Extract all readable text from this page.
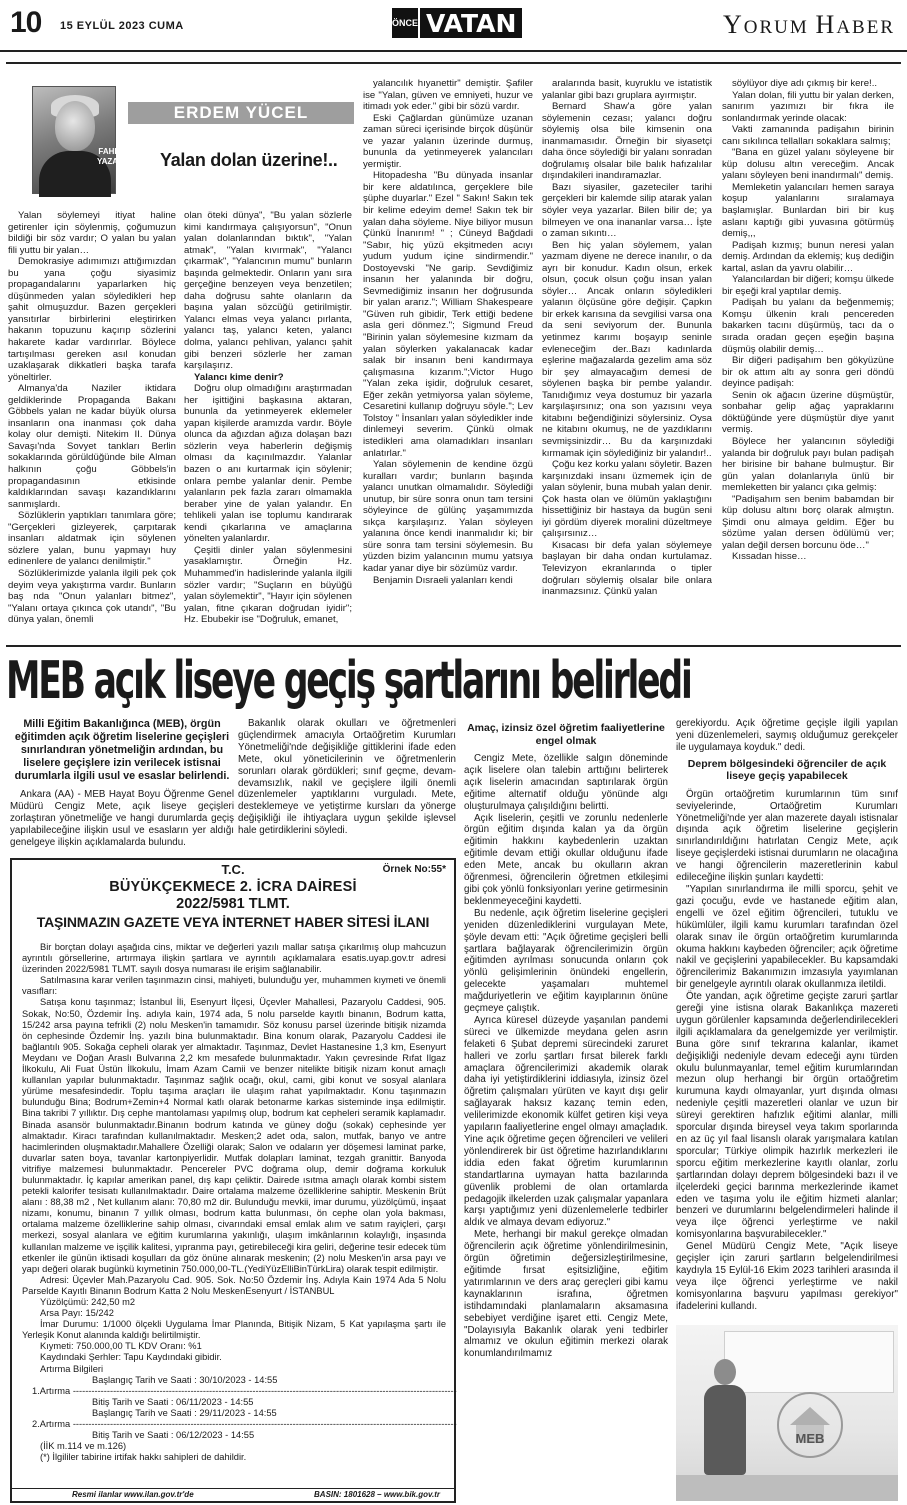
10 15 EYLÜL 2023 CUMA	ÖNCE VATAN	YORUM HABER
FAHRİ
YAZAR
ERDEM YÜCEL
Yalan dolan üzerine!..

Yalan söylemeyi itiyat haline getirenler için söylenmiş, çoğumuzun bildiği bir söz vardır; O yalan bu yalan fili yuttu bir yalan…

Demokrasiye adımımızı attığımızdan bu yana çoğu siyasimiz propagandalarını yaparlarken hiç düşünmeden yalan söyledikleri hep şahit olmuşuzdur. Bazen gerçekleri yansıtırlar birbirlerini eleştirirken hakanın topuzunu kaçırıp sözlerini hakarete kadar vardırırlar. Böylece tartışılması gereken asıl konudan uzaklaşarak dikkatleri başka tarafa yöneltirler.

Almanya'da Naziler iktidara geldiklerinde Propaganda Bakanı Göbbels yalan ne kadar büyük olursa insanların ona inanması çok daha kolay olur demişti. Nitekim II. Dünya Savaşı'nda Sovyet tankları Berlin sokaklarında görüldüğünde bile Alman halkının çoğu Göbbels'in propagandasının etkisinde kaldıklarından savaşı kazandıklarını sanmışlardı.

Sözlüklerin yaptıkları tanımlara göre; "Gerçekleri gizleyerek, çarpıtarak insanları aldatmak için söylenen sözlere yalan, bunu yapmayı huy edinenlere de yalancı denilmiştir."

Sözlüklerimizde yalanla ilgili pek çok deyim veya yakıştırma vardır. Bunların baş nda "Onun yalanları bitmez", "Yalanı ortaya çıkınca çok utandı", "Bu dünya yalan, önemli

olan öteki dünya", "Bu yalan sözlerle kimi kandırmaya çalışıyorsun", "Onun yalan dolanlarından bıktık", "Yalan atmak", "Yalan kıvırmak", "Yalancı çıkarmak", "Yalancının mumu" bunların başında gelmektedir. Onların yanı sıra gerçeğine benzeyen veya benzetilen; daha doğrusu sahte olanların da başına yalan sözcüğü getirilmiştir. Yalancı elmas veya yalancı pırlanta, yalancı taş, yalancı keten, yalancı dolma, yalancı pehlivan, yalancı şahit gibi benzeri sözlerle her zaman karşılaşırız.
Yalancı kime denir?

Doğru olup olmadığını araştırmadan her işittiğini başkasına aktaran, bununla da yetinmeyerek eklemeler yapan kişilerde aramızda vardır. Böyle olunca da ağızdan ağıza dolaşan bazı sözlerin veya haberlerin değişmiş olması da kaçınılmazdır. Yalanlar bazen o anı kurtarmak için söylenir; onlara pembe yalanlar denir. Pembe yalanların pek fazla zararı olmamakla beraber yine de yalan yalandır. En tehlikeli yalan ise toplumu kandırarak kendi çıkarlarına ve amaçlarına yönelten yalanlardır.

Çeşitli dinler yalan söylenmesini yasaklamıştır. Örneğin Hz. Muhammed'in hadislerinde yalanla ilgili sözler vardır; "Suçların en büyüğü yalan söylemektir", "Hayır için söylenen yalan, fitne çıkaran doğrudan iyidir"; Hz. Ebubekir ise "Doğruluk, emanet,

yalancılık hıyanettir" demiştir. Şafiler ise "Yalan, güven ve emniyeti, huzur ve itimadı yok eder." gibi bir sözü vardır.

Eski Çağlardan günümüze uzanan zaman süreci içerisinde birçok düşünür ve yazar yalanın üzerinde durmuş, bununla da yetinmeyerek yalancıları yermiştir.

Hitopadesha "Bu dünyada insanlar bir kere aldatılınca, gerçeklere bile şüphe duyarlar." Ezel " Sakın! Sakın tek bir kelime edeyim deme! Sakın tek bir yalan daha söyleme. Niye biliyor musun Çünkü İnanırım! " ; Cüneyd Bağdadi "Sabır, hiç yüzü ekşitmeden acıyı yudum yudum içine sindirmendir." Dostoyevski "Ne garip. Sevdiğimiz insanın her yalanında bir doğru, Sevmediğimiz insanın her doğrusunda bir yalan ararız."; William Shakespeare "Güven ruh gibidir, Terk ettiği bedene asla geri dönmez."; Sigmund Freud "Birinin yalan söylemesine kızmam da yalan söylerken yakalanacak kadar salak bir insanın beni kandırmaya çalışmasına kızarım.";Victor Hugo "Yalan zeka işidir, doğruluk cesaret, Eğer zekân yetmiyorsa yalan söyleme, Cesaretini kullanıp doğruyu söyle."; Lev Tolstoy " İnsanları yalan söyledikler inde dinlemeyi severim. Çünkü olmak istedikleri ama olamadıkları insanları anlatırlar."

Yalan söylemenin de kendine özgü kuralları vardır; bunların başında yalancı unutkan olmamalıdır. Söylediği unutup, bir süre sonra onun tam tersini söyleyince de gülünç yaşamımızda sıkça karşılaşırız. Yalan söyleyen yalanına önce kendi inanmalıdır ki; bir süre sonra tam tersini söylemesin. Bu yüzden bizim yalancının mumu yatsıya kadar yanar diye bir sözümüz vardır.

Benjamin Dısraeli yalanları kendi

aralarında basit, kuyruklu ve istatistik yalanlar gibi bazı gruplara ayırmıştır.

Bernard Shaw'a göre yalan söylemenin cezası; yalancı doğru söylemiş olsa bile kimsenin ona inanmamasıdır. Örneğin bir siyasetçi daha önce söylediği bir yalanı sonradan doğrulamış olsalar bile balık hafızalılar dışındakileri inandıramazlar.

Bazı siyasiler, gazeteciler tarihi gerçekleri bir kalemde silip atarak yalan söyler veya yazarlar. Bilen bilir de; ya bilmeyen ve ona inananlar varsa… İşte o zaman sıkıntı…

Ben hiç yalan söylemem, yalan yazmam diyene ne derece inanılır, o da ayrı bir konudur. Kadın olsun, erkek olsun, çocuk olsun çoğu insan yalan söyler… Ancak onların söyledikleri yalanın ölçüsüne göre değişir. Çapkın bir erkek karısına da sevgilisi varsa ona da seni seviyorum der. Bununla yetinmez karımı boşayıp seninle evleneceğim der..Bazı kadınlarda eşlerine mağazalarda gezelim ama söz bir şey almayacağım demesi de söylenen başka bir pembe yalandır. Tanıdığımız veya dostumuz bir yazarla karşılaşırsınız; ona son yazısını veya kitabını beğendiğinizi söylersiniz. Oysa ne kitabını okumuş, ne de yazdıklarını sevmişsinizdir… Bu da karşınızdaki kırmamak için söylediğiniz bir yalandır!..

Çoğu kez korku yalanı söyletir. Bazen karşınızdaki insanı üzmemek için de yalan söylenir, buna mubah yalan denir. Çok hasta olan ve ölümün yaklaştığını hissettiğiniz bir hastaya da bugün seni iyi gördüm diyerek moralini düzeltmeye çalışırsınız…

Kısacası bir defa yalan söylemeye başlayan bir daha ondan kurtulamaz. Televizyon ekranlarında o tipler doğruları söylemiş olsalar bile onlara inanmazsınız. Çünkü yalan

söylüyor diye adı çıkmış bir kere!..

Yalan dolan, fili yuttu bir yalan derken, sanırım yazımızı bir fıkra ile sonlandırmak yerinde olacak:

Vakti zamanında padişahın birinin canı sıkılınca tellalları sokaklara salmış;

"Bana en güzel yalanı söyleyene bir küp dolusu altın vereceğim. Ancak yalanı söyleyen beni inandırmalı" demiş.

Memleketin yalancıları hemen saraya koşup yalanlarını sıralamaya başlamışlar. Bunlardan biri bir kuş aslanı kaptığı gibi yuvasına götürmüş demiş,,,

Padişah kızmış; bunun neresi yalan demiş. Ardından da eklemiş; kuş dediğin kartal, aslan da yavru olabilir…

Yalancılardan bir diğeri; komşu ülkede bir eşeği kral yaptılar demiş.

Padişah bu yalanı da beğenmemiş; Komşu ülkenin kralı pencereden bakarken tacını düşürmüş, tacı da o sırada oradan geçen eşeğin başına düşmüş olabilir demiş…

Bir diğeri padişahım ben gökyüzüne bir ok attım altı ay sonra geri döndü deyince padişah:

Senin ok ağacın üzerine düşmüştür, sonbahar gelip ağaç yapraklarını döktüğünde yere düşmüştür diye yanıt vermiş.

Böylece her yalancının söylediği yalanda bir doğruluk payı bulan padişah her birisine bir bahane bulmuştur. Bir gün yalan dolanlarıyla ünlü bir memleketten bir yalancı çıka gelmiş:

"Padişahım sen benim babamdan bir küp dolusu altını borç olarak almıştın. Şimdi onu almaya geldim. Eğer bu sözüme yalan dersen ödülümü ver; yalan değil dersen borcunu öde…"

Kıssadan hisse…

MEB açık liseye geçiş şartlarını belirledi
Milli Eğitim Bakanlığınca (MEB), örgün eğitimden açık öğretim liselerine geçişleri sınırlandıran yönetmeliğin ardından, bu liselere geçişlere izin verilecek istisnai durumlarla ilgili usul ve esaslar belirlendi.

Ankara (AA) - MEB Hayat Boyu Öğrenme Genel Müdürü Cengiz Mete, açık liseye geçişleri zorlaştıran yönetmeliğe ve hangi durumlarda geçiş yapılabileceğine ilişkin usul ve esasların yer aldığı genelgeye ilişkin açıklamalarda bulundu.

Bakanlık olarak okulları ve öğretmenleri güçlendirmek amacıyla Ortaöğretim Kurumları Yönetmeliği'nde değişikliğe gittiklerini ifade eden Mete, okul yöneticilerinin ve öğretmenlerin sorunları olarak gördükleri; sınıf geçme, devam-devamsızlık, nakil ve geçişlere ilgili önemli düzenlemeler yaptıklarını vurguladı. Mete, desteklemeye ve yetiştirme kursları da yönerge değişikliği ile ihtiyaçlara uygun şekilde işlevsel hale getirdiklerini söyledi.

Amaç, izinsiz özel öğretim faaliyetlerine engel olmak

Cengiz Mete, özellikle salgın döneminde açık liselere olan talebin arttığını belirterek açık liselerin amacından saptırılarak örgün eğitime alternatif olduğu yönünde algı oluşturulmaya çalışıldığını belirtti.

Açık liselerin, çeşitli ve zorunlu nedenlerle örgün eğitim dışında kalan ya da örgün eğitimin hakkını kaybedenlerin uzaktan eğitimle devam ettiği okullar olduğunu ifade eden Mete, ancak bu okulların akran öğrenmesi, öğrencilerin öğretmen etkileşimi gibi çok yönlü fonksiyonları yerine getirmesinin beklenmeyeceğini kaydetti.

Bu nedenle, açık öğretim liselerine geçişleri yeniden düzenlediklerini vurgulayan Mete, şöyle devam etti: "Açık öğretime geçişleri belli şartlara bağlayarak öğrencilerimizin örgün eğitimden ayrılması sonucunda onların çok yönlü gelişimlerinin önündeki engellerin, gelecekte yaşamaları muhtemel mağduriyetlerin ve eğitim kayıplarının önüne geçmeye çalıştık.

Ayrıca küresel düzeyde yaşanılan pandemi süreci ve ülkemizde meydana gelen asrın felaketi 6 Şubat depremi sürecindeki zaruret halleri ve zorlu şartları fırsat bilerek farklı amaçlara öğrencilerimizi akademik olarak daha iyi yetiştirdiklerini iddiasıyla, izinsiz özel öğretim çalışmaları yürüten ve kayıt dışı gelir sağlayarak haksız kazanç temin eden, velilerimizde ekonomik külfet getiren kişi veya yapıların faaliyetlerine engel olmayı amaçladık. Yine açık öğretime geçen öğrencileri ve velileri yönlendirerek bir üst öğretime hazırlandıklarını iddia eden fakat öğretim kurumlarının standartlarına uymayan hatta bazılarında güvenlik problemi de olan ortamlarda pedagojik ilkelerden uzak çalışmalar yapanlara karşı yaptığımız yeni düzenlemelerle tedbirler aldık ve almaya devam ediyoruz."

Mete, herhangi bir makul gerekçe olmadan öğrencilerin açık öğretime yönlendirilmesinin, örgün öğretimin değersizleştirilmesine, eğitimde fırsat eşitsizliğine, eğitim yatırımlarının ve ders araç gereçleri gibi kamu kaynaklarının israfına, öğretmen istihdamındaki planlamaların aksamasına sebebiyet verdiğine işaret etti. Cengiz Mete, "Dolayısıyla Bakanlık olarak yeni tedbirler almamız ve okulun eğitimin merkezi olarak konumlandırılmamız

gerekiyordu. Açık öğretime geçişle ilgili yapılan yeni düzenlemeleri, saymış olduğumuz gerekçeler ile uygulamaya koyduk." dedi.
Deprem bölgesindeki öğrenciler de açık liseye geçiş yapabilecek

Örgün ortaöğretim kurumlarının tüm sınıf seviyelerinde, Ortaöğretim Kurumları Yönetmeliği'nde yer alan mazerete dayalı istisnalar dışında açık öğretim liselerine geçişlerin sınırlandırıldığını hatırlatan Cengiz Mete, açık liseye geçişlerdeki istisnai durumların ne olacağına ve hangi öğrencilerin mazeretlerinin kabul edileceğine ilişkin şunları kaydetti:

"Yapılan sınırlandırma ile milli sporcu, şehit ve gazi çocuğu, evde ve hastanede eğitim alan, engelli ve özel eğitim öğrencileri, tutuklu ve hükümlüler, ilgili kamu kurumları tarafından özel olarak sınav ile örgün ortaöğretim kurumlarında okuma hakkını kaybeden öğrenciler; açık öğretime nakil ve geçişlerini yapabilecekler. Bu kapsamdaki öğrencilerimiz Bakanımızın imzasıyla yayımlanan bir genelgeyle ayrıntılı olarak okullanmıza iletildi.

Öte yandan, açık öğretime geçişte zaruri şartlar gereği yine istisna olarak Bakanlıkça mazereti uygun görülenler kapsamında değerlendirilecekleri ilgili açıklamalara da genelgemizde yer verilmiştir. Buna göre sınıf tekrarına kalanlar, ikamet değişikliği nedeniyle devam edeceği aynı türden okulu bulunmayanlar, temel eğitim kurumlarından mezun olup herhangi bir örgün ortaöğretim kurumuna kaydı olmayanlar, yurt dışında olması nedeniyle çeşitli mazeretleri olanlar ve uzun bir süreyi gerektiren hafızlık eğitimi alanlar, milli sporcular dışında bireysel veya takım sporlarında en az üç yıl faal lisanslı olarak yarışmalara katılan sporcular; Türkiye olimpik hazırlık merkezleri ile sporcu eğitim merkezlerine kayıtlı olanlar, zorlu şartlarından dolayı deprem bölgesindeki bazı il ve ilçelerdeki geçici barınma merkezlerinde ikamet eden ve taşıma yolu ile eğitim hizmeti alanlar; benzeri ve durumlarını belgelendirmeleri halinde il veya ilçe öğrenci yerleştirme ve nakil komisyonlarına başvurabilecekler."

Genel Müdürü Cengiz Mete, "Açık liseye geçişler için zaruri şartların belgelendirilmesi kaydıyla 15 Eylül-16 Ekim 2023 tarihleri arasında il veya ilçe öğrenci yerleştirme ve nakil komisyonlarına başvuru yapılması gerekiyor" ifadelerini kullandı.

Örnek No:55*
T.C.
BÜYÜKÇEKMECE 2. İCRA DAİRESİ
2022/5981 TLMT.
TAŞINMAZIN GAZETE VEYA İNTERNET HABER SİTESİ İLANI

Bir borçtan dolayı aşağıda cins, miktar ve değerleri yazılı mallar satışa çıkarılmış olup mahcuzun ayrıntılı görsellerine, artırmaya ilişkin şartlara ve ayrıntılı açıklamalara esatis.uyap.gov.tr adresi üzerinden 2022/5981 TLMT. sayılı dosya numarası ile erişim sağlanabilir.

Satılmasına karar verilen taşınmazın cinsi, mahiyeti, bulunduğu yer, muhammen kıymeti ve önemli vasıfları:

Satışa konu taşınmaz; İstanbul İli, Esenyurt İlçesi, Üçevler Mahallesi, Pazaryolu Caddesi, 905. Sokak, No:50, Özdemir İnş. adıyla kain, 1974 ada, 5 nolu parselde kayıtlı binanın, Bodrum katta, 15/242 arsa payına tefrikli (2) nolu Mesken'in tamamıdır. Söz konusu parsel üzerinde bitişik nizamda ön cephesinde Özdemir İnş. yazılı bina bulunmaktadır. Bina konum olarak, Pazaryolu Caddesi ile bağlantılı 905. Sokağa cepheli olarak yer almaktadır. Taşınmaz, Devlet Hastanesine 1,3 km, Esenyurt Meydanı ve Doğan Araslı Bulvarına 2,2 km mesafede bulunmaktadır. Yakın çevresinde Rıfat Ilgaz İlkokulu, Ali Fuat Üstün İlkokulu, İmam Azam Camii ve benzer nitelikte bitişik nizam konut amaçlı kullanılan yapılar bulunmaktadır. Taşınmaz sağlık ocağı, okul, cami, gibi konut ve sosyal alanlara yürüme mesafesindedir. Toplu taşıma araçları ile ulaşım rahat yapılmaktadır. Konu taşınmazın bulunduğu Bina; Bodrum+Zemin+4 Normal katlı olarak betonarme karkas sisteminde inşa edilmiştir. Bina takribi 7 yıllıktır. Dış cephe mantolaması yapılmış olup, bodrum kat cepheleri seramik kaplamadır. Binada asansör bulunmaktadır.Binanın bodrum katında ve güney doğu (sokak) cephesinde yer almaktadır. Kiracı tarafından kullanılmaktadır. Mesken;2 adet oda, salon, mutfak, banyo ve antre hacimlerinden oluşmaktadır.Mahallere Özelliği olarak; Salon ve odaların yer döşemesi laminat parke, duvarlar saten boya, tavanlar kartonpiyerlidir. Mutfak dolapları laminat, tezgah granittir. Banyoda vitrifiye malzemesi bulunmaktadır. Pencereler PVC doğrama olup, demir doğrama korkuluk bulunmaktadır. İç kapılar amerikan panel, dış kapı çeliktir. Dairede ısıtma amaçlı olarak kombi sistem petekli kalorifer tesisatı kullanılmaktadır. Daire ortalama malzeme özelliklerine sahiptir. Meskenin Brüt alanı : 88,38 m2 , Net kullanım alanı: 70,80 m2 dir. Bulunduğu mevkii, imar durumu, yüzölçümü, inşaat nizamı, konumu, binanın 7 yıllık olması, bodrum katta bulunması, ön cephe olan yola bakması, ortalama malzeme özelliklerine sahip olması, civarındaki emsal emlak alım ve satım rayiçleri, çarşı merkezi, sosyal alanlara ve eğitim kurumlarına yakınlığı, ulaşım imkânlarının kolaylığı, inşasında kullanılan malzeme ve işçilik kalitesi, yıpranma payı, getirebileceği kira geliri, değerine tesir edecek tüm etkenler ile günün iktisadi koşulları da göz önüne alınarak meskenin; (2) nolu Mesken'in arsa payı ve yapı değeri olarak bugünkü kıymetinin 750.000,00-TL.(YediYüzElliBinTürkLira) olarak tespit edilmiştir.

Adresi: Üçevler Mah.Pazaryolu Cad. 905. Sok. No:50 Özdemir İnş. Adıyla Kain 1974 Ada 5 Nolu Parselde Kayıtlı Binanın Bodrum Katta 2 Nolu MeskenEsenyurt / İSTANBUL

Yüzölçümü: 242,50 m2

Arsa Payı: 15/242

İmar Durumu: 1/1000 ölçekli Uygulama İmar Planında, Bitişik Nizam, 5 Kat yapılaşma şartı ile Yerleşik Konut alanında kaldığı belirtilmiştir.

Kıymeti: 750.000,00 TL KDV Oranı: %1

Kaydındaki Şerhler: Tapu Kaydındaki gibidir.

Artırma Bilgileri
Başlangıç Tarih ve Saati : 30/10/2023 - 14:55
1.Artırma ----------------------------------------------------------------------------------------------------------------------------
Bitiş Tarih ve Saati : 06/11/2023 - 14:55
Başlangıç Tarih ve Saati : 29/11/2023 - 14:55
2.Artırma ----------------------------------------------------------------------------------------------------------------------------
Bitiş Tarih ve Saati : 06/12/2023 - 14:55
(İİK m.114 ve m.126)
(*) İlgililer tabirine irtifak hakkı sahipleri de dahildir.
Resmi ilanlar www.ilan.gov.tr'de	BASIN: 1801628 – www.bik.gov.tr
MEB
